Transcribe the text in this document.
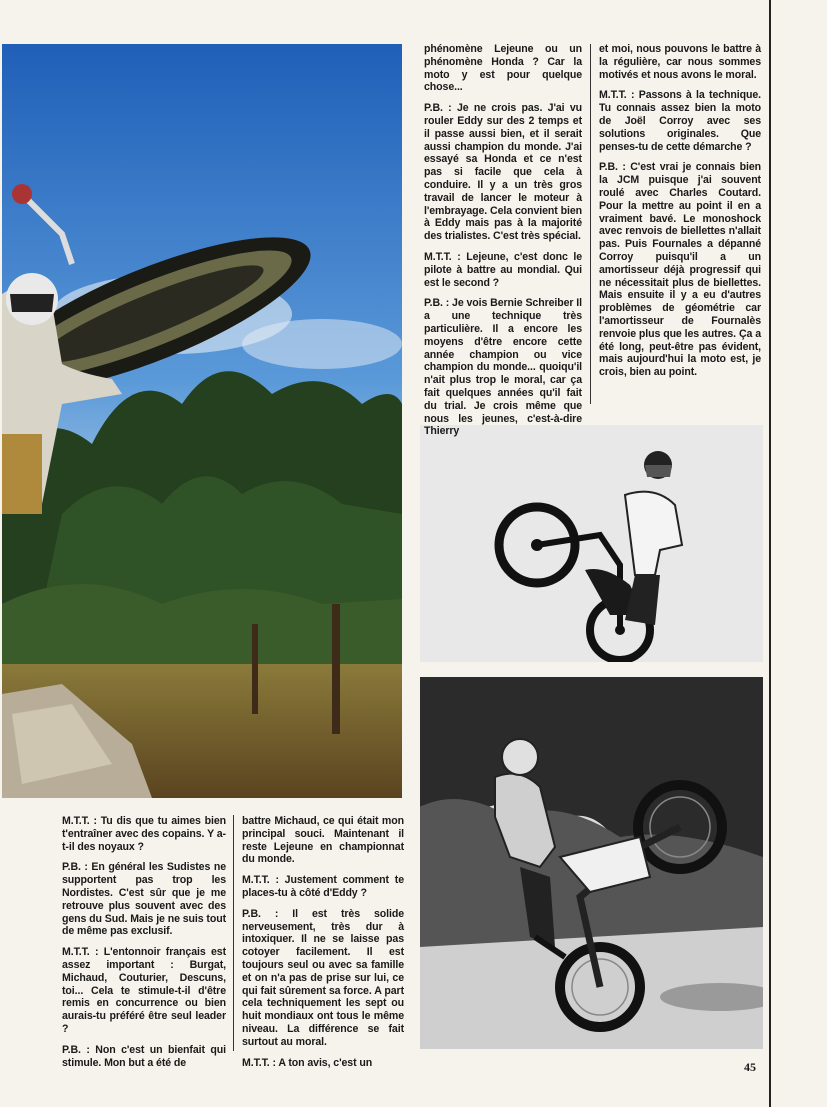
phénomène Lejeune ou un phénomène Honda ? Car la moto y est pour quelque chose...

P.B. : Je ne crois pas. J'ai vu rouler Eddy sur des 2 temps et il passe aussi bien, et il serait aussi champion du monde. J'ai essayé sa Honda et ce n'est pas si facile que cela à conduire. Il y a un très gros travail de lancer le moteur à l'embrayage. Cela convient bien à Eddy mais pas à la majorité des trialistes. C'est très spécial.

M.T.T. : Lejeune, c'est donc le pilote à battre au mondial. Qui est le second ?

P.B. : Je vois Bernie Schreiber Il a une technique très particulière. Il a encore les moyens d'être encore cette année champion ou vice champion du monde... quoiqu'il n'ait plus trop le moral, car ça fait quelques années qu'il fait du trial. Je crois même que nous les jeunes, c'est-à-dire Thierry

et moi, nous pouvons le battre à la régulière, car nous sommes motivés et nous avons le moral.

M.T.T. : Passons à la technique. Tu connais assez bien la moto de Joël Corroy avec ses solutions originales. Que penses-tu de cette démarche ?

P.B. : C'est vrai je connais bien la JCM puisque j'ai souvent roulé avec Charles Coutard. Pour la mettre au point il en a vraiment bavé. Le monoshock avec renvois de biellettes n'allait pas. Puis Fournales a dépanné Corroy puisqu'il a un amortisseur déjà progressif qui ne nécessitait plus de biellettes. Mais ensuite il y a eu d'autres problèmes de géométrie car l'amortisseur de Fournalès renvoie plus que les autres. Ça a été long, peut-être pas évident, mais aujourd'hui la moto est, je crois, bien au point.

M.T.T. : Tu dis que tu aimes bien t'entraîner avec des copains. Y a-t-il des noyaux ?

P.B. : En général les Sudistes ne supportent pas trop les Nordistes. C'est sûr que je me retrouve plus souvent avec des gens du Sud. Mais je ne suis tout de même pas exclusif.

M.T.T. : L'entonnoir français est assez important : Burgat, Michaud, Couturier, Descuns, toi... Cela te stimule-t-il d'être remis en concurrence ou bien aurais-tu préféré être seul leader ?

P.B. : Non c'est un bienfait qui stimule. Mon but a été de

battre Michaud, ce qui était mon principal souci. Maintenant il reste Lejeune en championnat du monde.

M.T.T. : Justement comment te places-tu à côté d'Eddy ?

P.B. : Il est très solide nerveusement, très dur à intoxiquer. Il ne se laisse pas cotoyer facilement. Il est toujours seul ou avec sa famille et on n'a pas de prise sur lui, ce qui fait sûrement sa force. A part cela techniquement les sept ou huit mondiaux ont tous le même niveau. La différence se fait surtout au moral.

M.T.T. : A ton avis, c'est un	45
